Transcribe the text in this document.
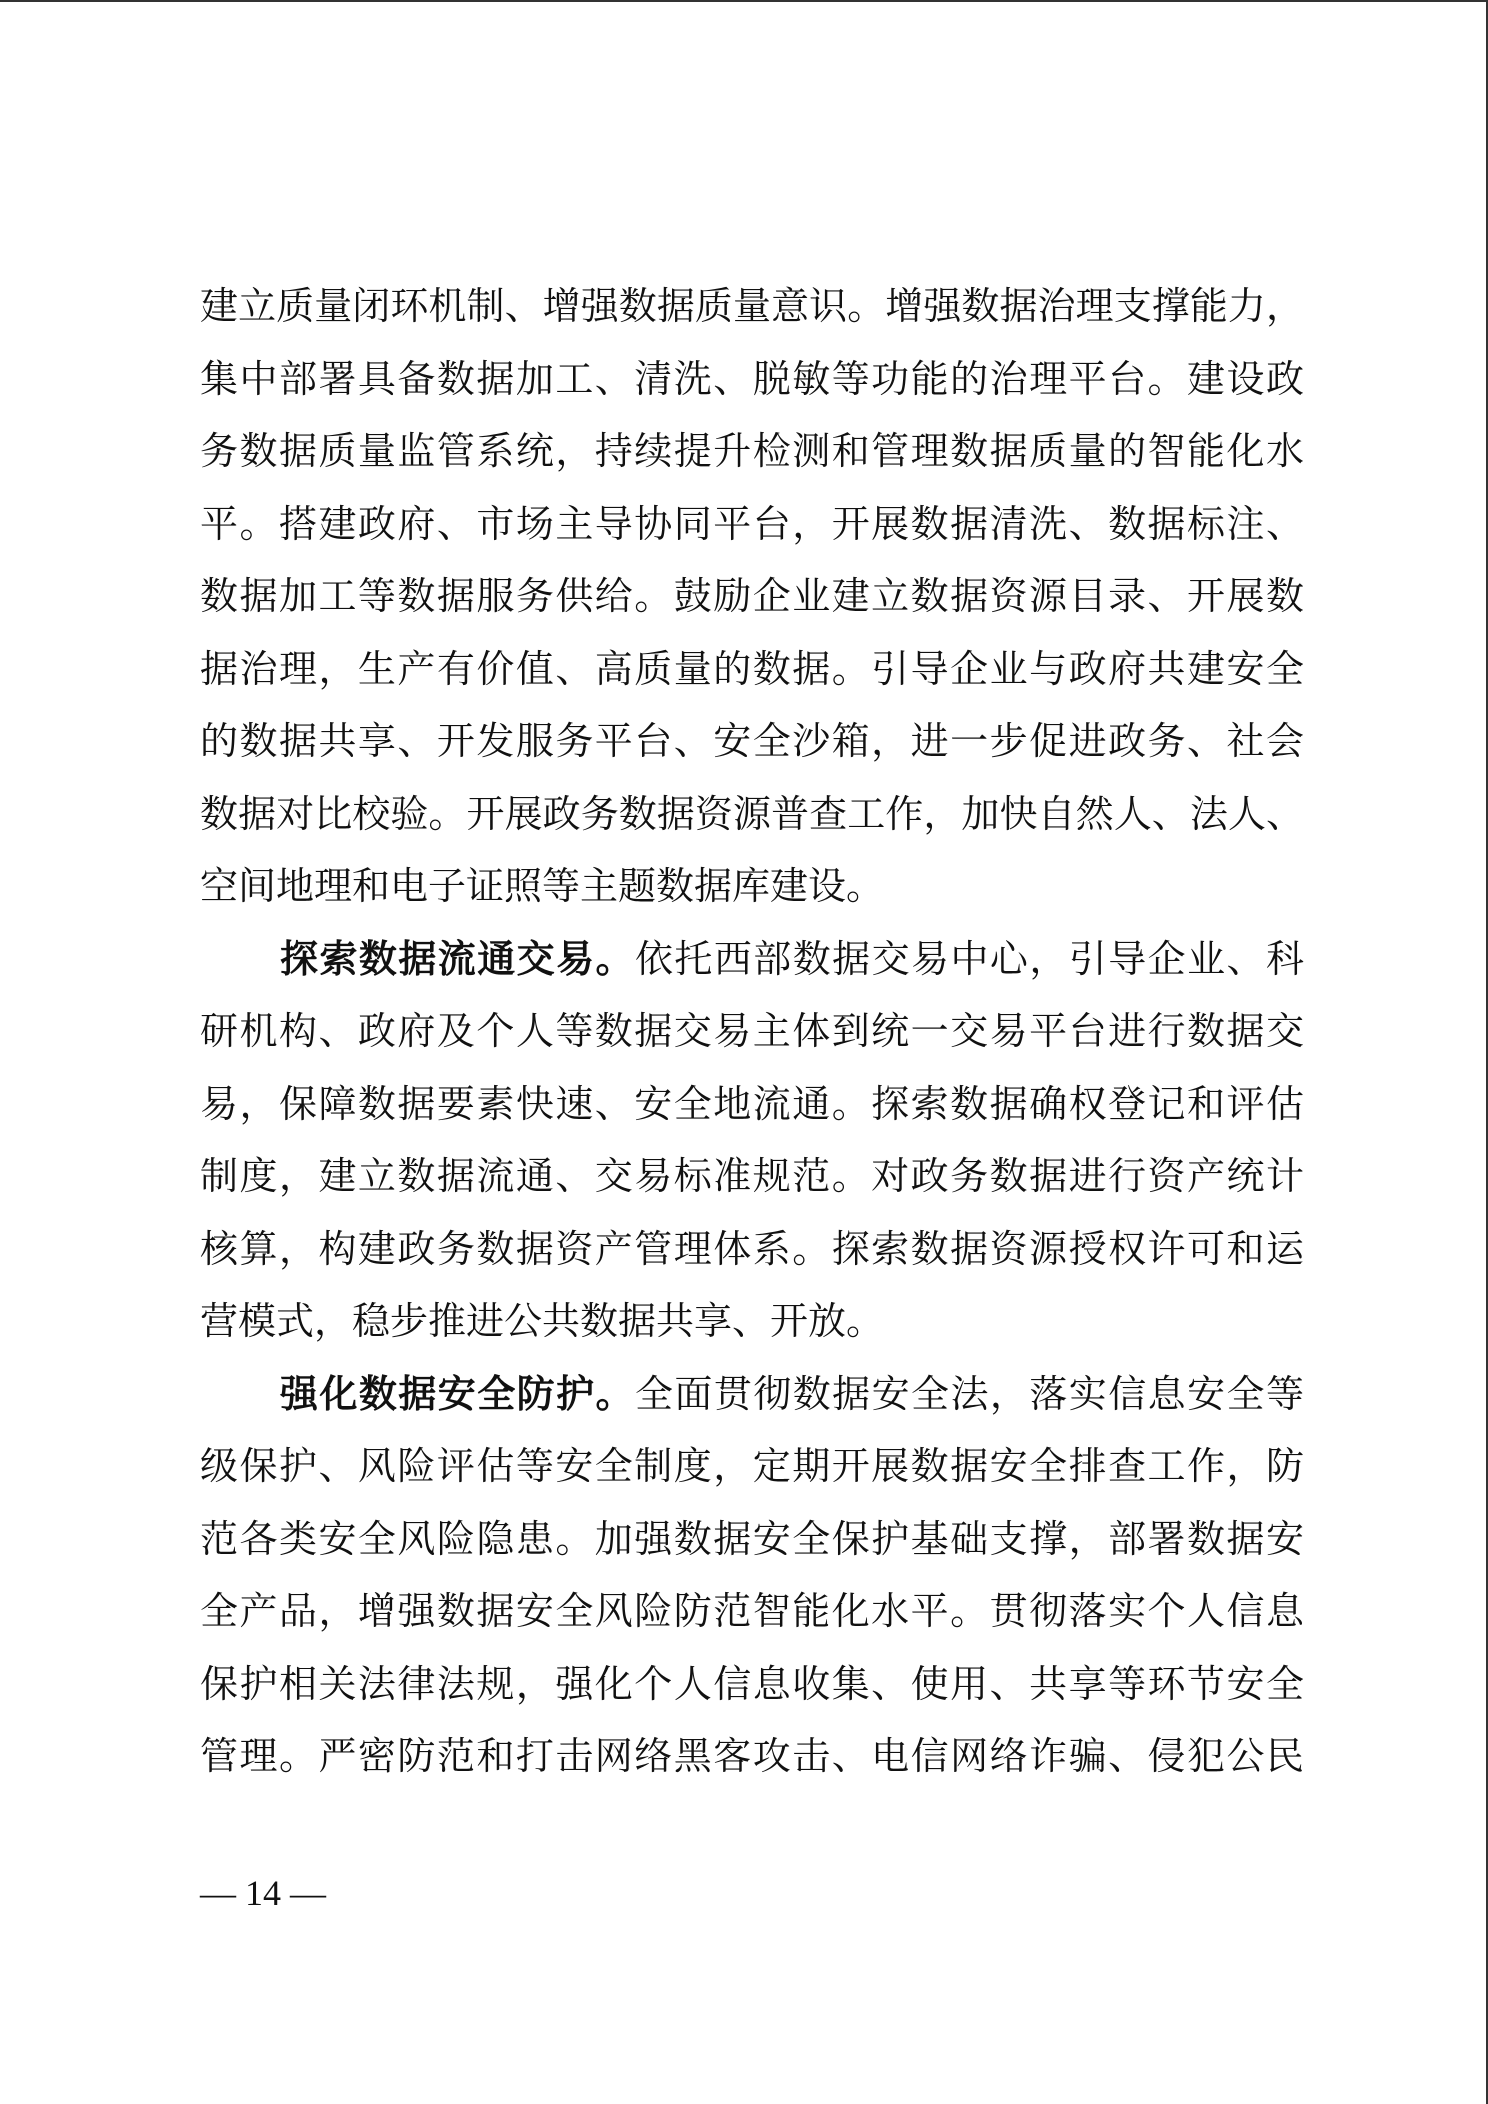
建立质量闭环机制、增强数据质量意识。增强数据治理支撑能力，
集中部署具备数据加工、清洗、脱敏等功能的治理平台。建设政
务数据质量监管系统，持续提升检测和管理数据质量的智能化水
平。搭建政府、市场主导协同平台，开展数据清洗、数据标注、
数据加工等数据服务供给。鼓励企业建立数据资源目录、开展数
据治理，生产有价值、高质量的数据。引导企业与政府共建安全
的数据共享、开发服务平台、安全沙箱，进一步促进政务、社会
数据对比校验。开展政务数据资源普查工作，加快自然人、法人、
空间地理和电子证照等主题数据库建设。
探索数据流通交易。依托西部数据交易中心，引导企业、科
研机构、政府及个人等数据交易主体到统一交易平台进行数据交
易，保障数据要素快速、安全地流通。探索数据确权登记和评估
制度，建立数据流通、交易标准规范。对政务数据进行资产统计
核算，构建政务数据资产管理体系。探索数据资源授权许可和运
营模式，稳步推进公共数据共享、开放。
强化数据安全防护。全面贯彻数据安全法，落实信息安全等
级保护、风险评估等安全制度，定期开展数据安全排查工作，防
范各类安全风险隐患。加强数据安全保护基础支撑，部署数据安
全产品，增强数据安全风险防范智能化水平。贯彻落实个人信息
保护相关法律法规，强化个人信息收集、使用、共享等环节安全
管理。严密防范和打击网络黑客攻击、电信网络诈骗、侵犯公民
— 14 —
